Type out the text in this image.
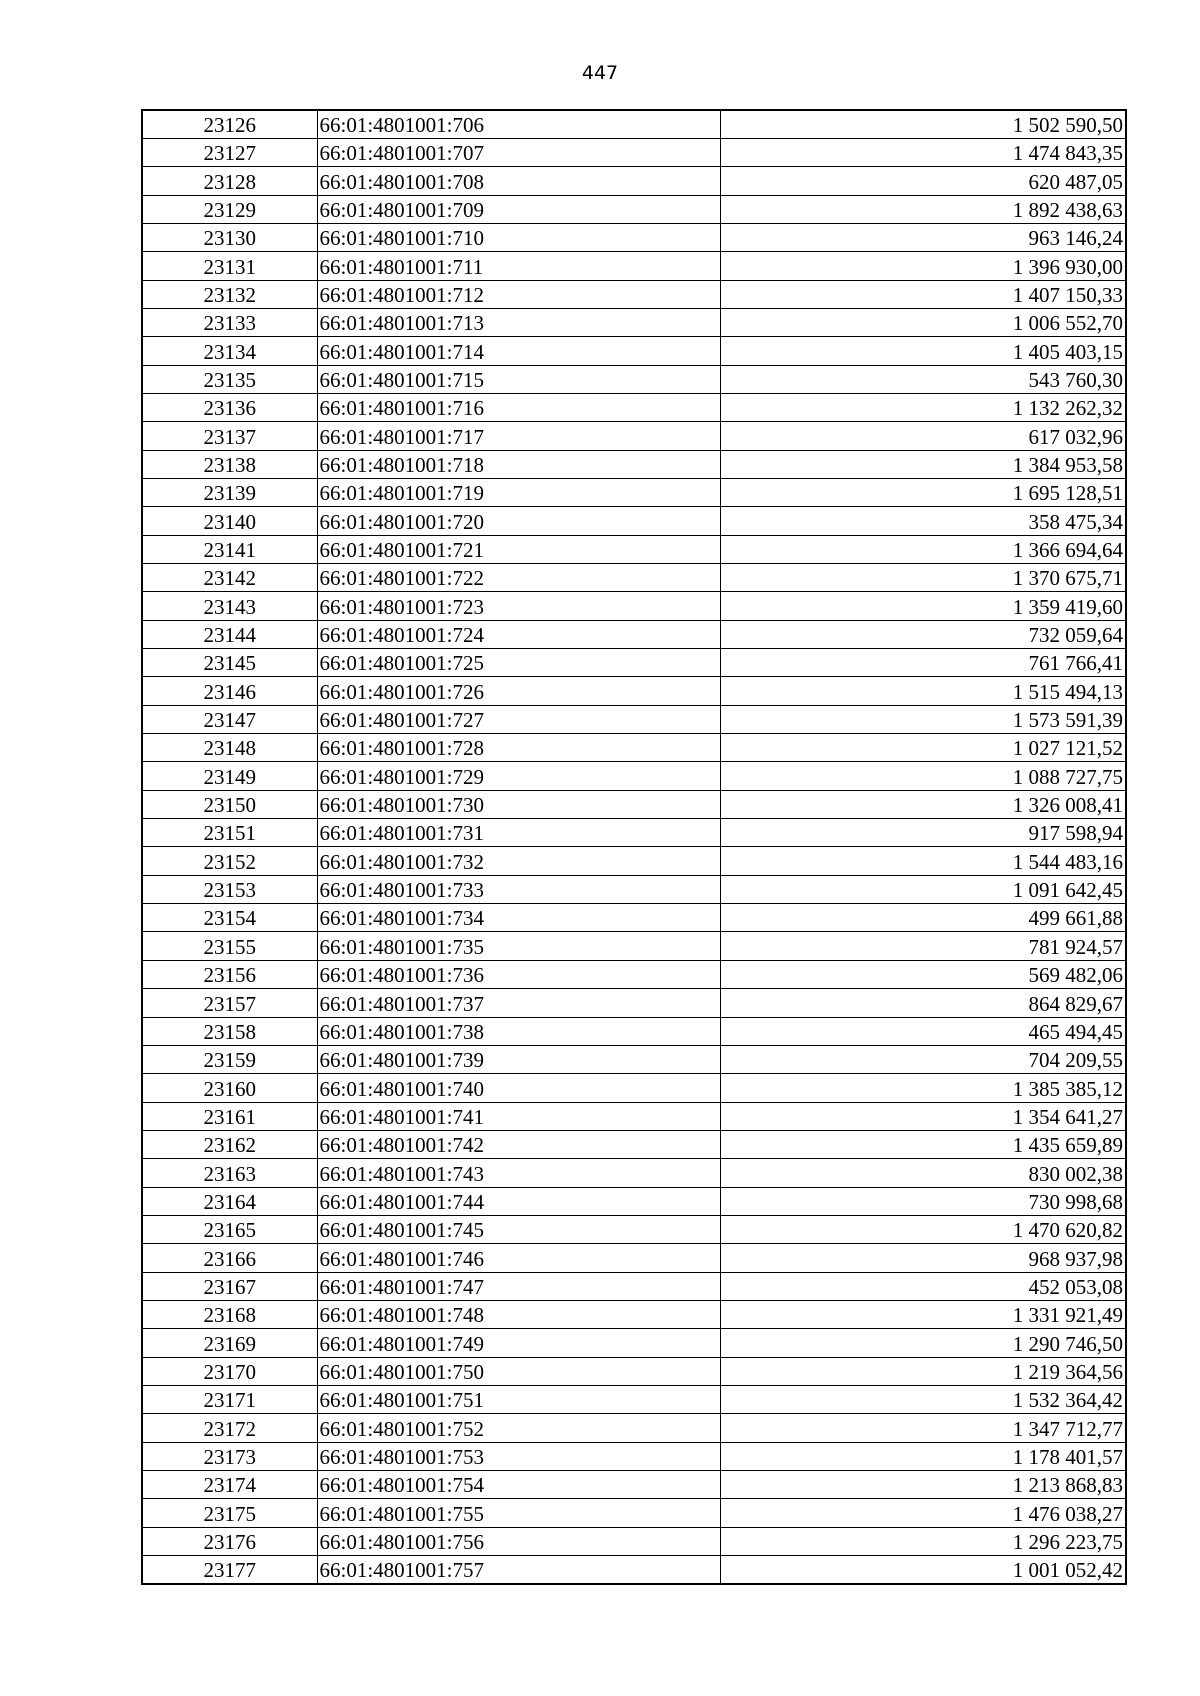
447
23126	66:01:4801001:706	1 502 590,50
23127	66:01:4801001:707	1 474 843,35
23128	66:01:4801001:708	620 487,05
23129	66:01:4801001:709	1 892 438,63
23130	66:01:4801001:710	963 146,24
23131	66:01:4801001:711	1 396 930,00
23132	66:01:4801001:712	1 407 150,33
23133	66:01:4801001:713	1 006 552,70
23134	66:01:4801001:714	1 405 403,15
23135	66:01:4801001:715	543 760,30
23136	66:01:4801001:716	1 132 262,32
23137	66:01:4801001:717	617 032,96
23138	66:01:4801001:718	1 384 953,58
23139	66:01:4801001:719	1 695 128,51
23140	66:01:4801001:720	358 475,34
23141	66:01:4801001:721	1 366 694,64
23142	66:01:4801001:722	1 370 675,71
23143	66:01:4801001:723	1 359 419,60
23144	66:01:4801001:724	732 059,64
23145	66:01:4801001:725	761 766,41
23146	66:01:4801001:726	1 515 494,13
23147	66:01:4801001:727	1 573 591,39
23148	66:01:4801001:728	1 027 121,52
23149	66:01:4801001:729	1 088 727,75
23150	66:01:4801001:730	1 326 008,41
23151	66:01:4801001:731	917 598,94
23152	66:01:4801001:732	1 544 483,16
23153	66:01:4801001:733	1 091 642,45
23154	66:01:4801001:734	499 661,88
23155	66:01:4801001:735	781 924,57
23156	66:01:4801001:736	569 482,06
23157	66:01:4801001:737	864 829,67
23158	66:01:4801001:738	465 494,45
23159	66:01:4801001:739	704 209,55
23160	66:01:4801001:740	1 385 385,12
23161	66:01:4801001:741	1 354 641,27
23162	66:01:4801001:742	1 435 659,89
23163	66:01:4801001:743	830 002,38
23164	66:01:4801001:744	730 998,68
23165	66:01:4801001:745	1 470 620,82
23166	66:01:4801001:746	968 937,98
23167	66:01:4801001:747	452 053,08
23168	66:01:4801001:748	1 331 921,49
23169	66:01:4801001:749	1 290 746,50
23170	66:01:4801001:750	1 219 364,56
23171	66:01:4801001:751	1 532 364,42
23172	66:01:4801001:752	1 347 712,77
23173	66:01:4801001:753	1 178 401,57
23174	66:01:4801001:754	1 213 868,83
23175	66:01:4801001:755	1 476 038,27
23176	66:01:4801001:756	1 296 223,75
23177	66:01:4801001:757	1 001 052,42
